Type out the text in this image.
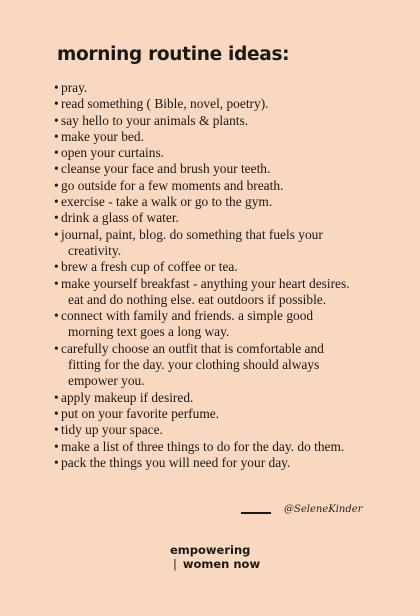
morning routine ideas:
• pray.
• read something ( Bible, novel, poetry).
• say hello to your animals & plants.
• make your bed.
• open your curtains.
• cleanse your face and brush your teeth.
• go outside for a few moments and breath.
• exercise - take a walk or go to the gym.
• drink a glass of water.
• journal, paint, blog. do something that fuels your
creativity.
• brew a fresh cup of coffee or tea.
• make yourself breakfast - anything your heart desires.
eat and do nothing else. eat outdoors if possible.
• connect with family and friends. a simple good
morning text goes a long way.
• carefully choose an outfit that is comfortable and
fitting for the day. your clothing should always
empower you.
• apply makeup if desired.
• put on your favorite perfume.
• tidy up your space.
• make a list of three things to do for the day. do them.
• pack the things you will need for your day.
@SeleneKinder
empowering
| women now
